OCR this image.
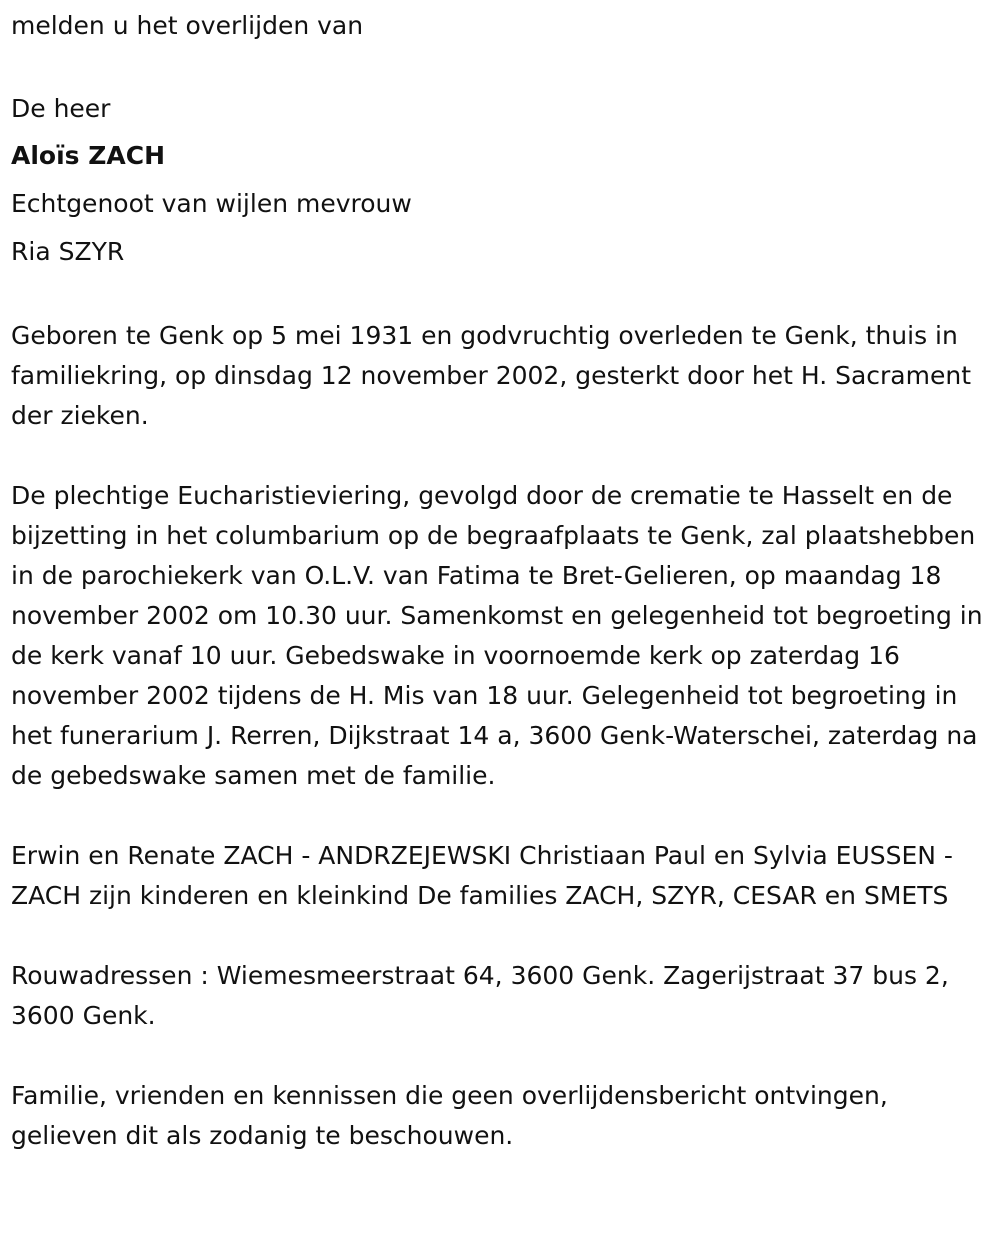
melden u het overlijden van

De heer

Aloïs ZACH

Echtgenoot van wijlen mevrouw

Ria SZYR

Geboren te Genk op 5 mei 1931 en godvruchtig overleden te Genk, thuis in familiekring, op dinsdag 12 november 2002, gesterkt door het H. Sacrament der zieken.

De plechtige Eucharistieviering, gevolgd door de crematie te Hasselt en de bijzetting in het columbarium op de begraafplaats te Genk, zal plaatshebben in de parochiekerk van O.L.V. van Fatima te Bret-Gelieren, op maandag 18 november 2002 om 10.30 uur. Samenkomst en gelegenheid tot begroeting in de kerk vanaf 10 uur. Gebedswake in voornoemde kerk op zaterdag 16 november 2002 tijdens de H. Mis van 18 uur. Gelegenheid tot begroeting in het funerarium J. Rerren, Dijkstraat 14 a, 3600 Genk-Waterschei, zaterdag na de gebedswake samen met de familie.

Erwin en Renate ZACH - ANDRZEJEWSKI Christiaan Paul en Sylvia EUSSEN - ZACH zijn kinderen en kleinkind De families ZACH, SZYR, CESAR en SMETS

Rouwadressen : Wiemesmeerstraat 64, 3600 Genk. Zagerijstraat 37 bus 2, 3600 Genk.

Familie, vrienden en kennissen die geen overlijdensbericht ontvingen, gelieven dit als zodanig te beschouwen.
